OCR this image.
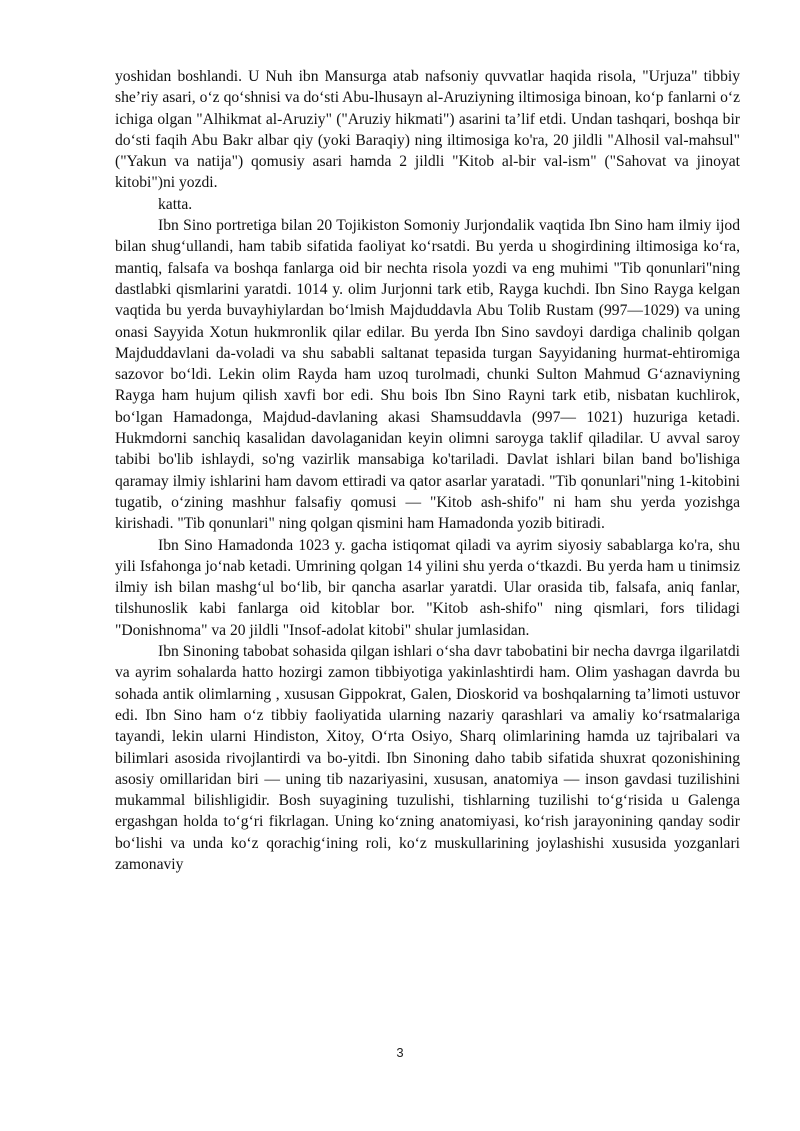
yoshidan boshlandi. U Nuh ibn Mansurga atab nafsoniy quvvatlar haqida risola, "Urjuza" tibbiy she’riy asari, o‘z qo‘shnisi va do‘sti Abu-lhusayn al-Aruziyning iltimosiga binoan, ko‘p fanlarni o‘z ichiga olgan "Alhikmat al-Aruziy" ("Aruziy hikmati") asarini ta’lif etdi. Undan tashqari, boshqa bir do‘sti faqih Abu Bakr albar qiy (yoki Baraqiy) ning iltimosiga ko'ra, 20 jildli "Alhosil val-mahsul" ("Yakun va natija") qomusiy asari hamda 2 jildli "Kitob al-bir val-ism" ("Sahovat va jinoyat kitobi")ni yozdi.

katta.

Ibn Sino portretiga bilan 20 Tojikiston Somoniy Jurjondalik vaqtida Ibn Sino ham ilmiy ijod bilan shug‘ullandi, ham tabib sifatida faoliyat ko‘rsatdi. Bu yerda u shogirdining iltimosiga ko‘ra, mantiq, falsafa va boshqa fanlarga oid bir nechta risola yozdi va eng muhimi "Tib qonunlari"ning dastlabki qismlarini yaratdi. 1014 y. olim Jurjonni tark etib, Rayga kuchdi. Ibn Sino Rayga kelgan vaqtida bu yerda buvayhiylardan bo‘lmish Majduddavla Abu Tolib Rustam (997—1029) va uning onasi Sayyida Xotun hukmronlik qilar edilar. Bu yerda Ibn Sino savdoyi dardiga chalinib qolgan Majduddavlani da-voladi va shu sababli saltanat tepasida turgan Sayyidaning hurmat-ehtiromiga sazovor bo‘ldi. Lekin olim Rayda ham uzoq turolmadi, chunki Sulton Mahmud G‘aznaviyning Rayga ham hujum qilish xavfi bor edi. Shu bois Ibn Sino Rayni tark etib, nisbatan kuchlirok, bo‘lgan Hamadonga, Majdud-davlaning akasi Shamsuddavla (997— 1021) huzuriga ketadi. Hukmdorni sanchiq kasalidan davolaganidan keyin olimni saroyga taklif qiladilar. U avval saroy tabibi bo'lib ishlaydi, so'ng vazirlik mansabiga ko'tariladi. Davlat ishlari bilan band bo'lishiga qaramay ilmiy ishlarini ham davom ettiradi va qator asarlar yaratadi. "Tib qonunlari"ning 1-kitobini tugatib, o‘zining mashhur falsafiy qomusi — "Kitob ash-shifo" ni ham shu yerda yozishga kirishadi. "Tib qonunlari" ning qolgan qismini ham Hamadonda yozib bitiradi.

Ibn Sino Hamadonda 1023 y. gacha istiqomat qiladi va ayrim siyosiy sabablarga ko'ra, shu yili Isfahonga jo‘nab ketadi. Umrining qolgan 14 yilini shu yerda o‘tkazdi. Bu yerda ham u tinimsiz ilmiy ish bilan mashg‘ul bo‘lib, bir qancha asarlar yaratdi. Ular orasida tib, falsafa, aniq fanlar, tilshunoslik kabi fanlarga oid kitoblar bor. "Kitob ash-shifo" ning qismlari, fors tilidagi "Donishnoma" va 20 jildli "Insof-adolat kitobi" shular jumlasidan.

Ibn Sinoning tabobat sohasida qilgan ishlari o‘sha davr tabobatini bir necha davrga ilgarilatdi va ayrim sohalarda hatto hozirgi zamon tibbiyotiga yakinlashtirdi ham. Olim yashagan davrda bu sohada antik olimlarning , xususan Gippokrat, Galen, Dioskorid va boshqalarning ta’limoti ustuvor edi. Ibn Sino ham o‘z tibbiy faoliyatida ularning nazariy qarashlari va amaliy ko‘rsatmalariga tayandi, lekin ularni Hindiston, Xitoy, O‘rta Osiyo, Sharq olimlarining hamda uz tajribalari va bilimlari asosida rivojlantirdi va bo-yitdi. Ibn Sinoning daho tabib sifatida shuxrat qozonishining asosiy omillaridan biri — uning tib nazariyasini, xususan, anatomiya — inson gavdasi tuzilishini mukammal bilishligidir. Bosh suyagining tuzulishi, tishlarning tuzilishi to‘g‘risida u Galenga ergashgan holda to‘g‘ri fikrlagan. Uning ko‘zning anatomiyasi, ko‘rish jarayonining qanday sodir bo‘lishi va unda ko‘z qorachig‘ining roli, ko‘z muskullarining joylashishi xususida yozganlari zamonaviy

3
